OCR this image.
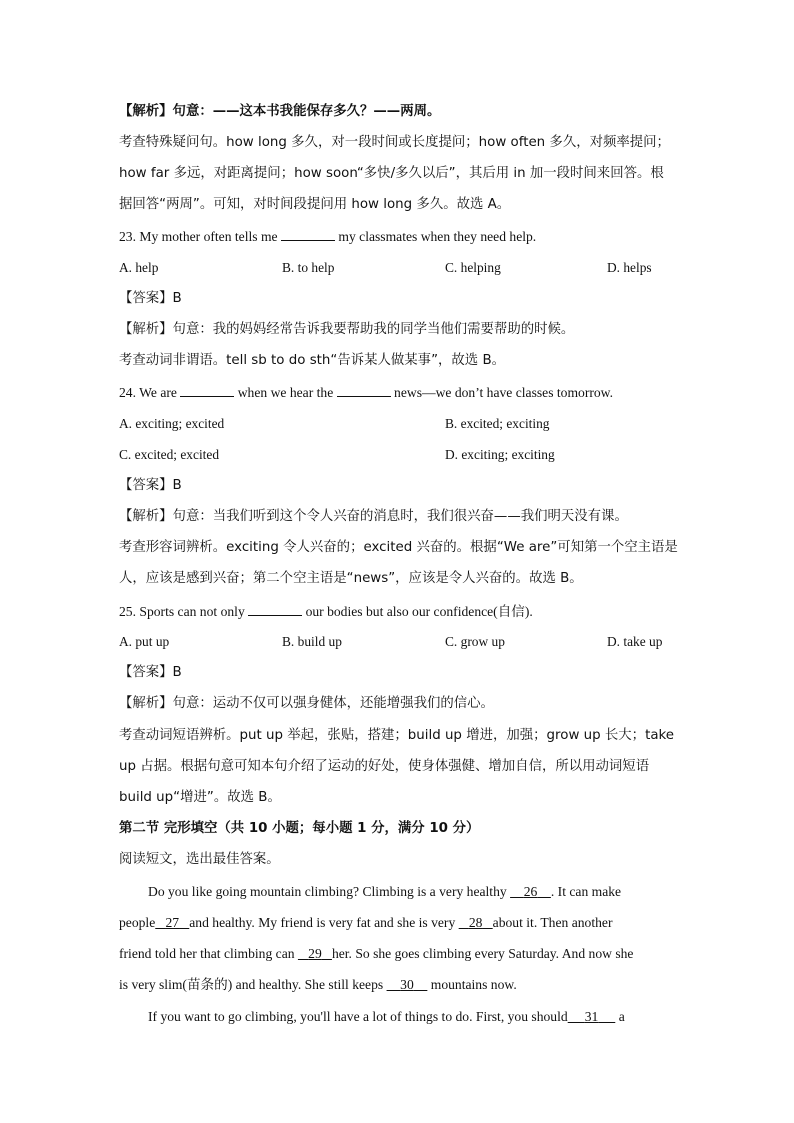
【解析】句意：——这本书我能保存多久？——两周。
考查特殊疑问句。how long 多久，对一段时间或长度提问；how often 多久，对频率提问；
how far 多远，对距离提问；how soon“多快/多久以后”，其后用 in 加一段时间来回答。根
据回答“两周”。可知，对时间段提问用 how long 多久。故选 A。
23. My mother often tells me	my classmates when they need help.
A. help	B. to help	C. helping	D. helps
【答案】B
【解析】句意：我的妈妈经常告诉我要帮助我的同学当他们需要帮助的时候。
考查动词非谓语。tell sb to do sth“告诉某人做某事”，故选 B。
24. We are	when we hear the	news—we don’t have classes tomorrow.
A. exciting; excited	B. excited; exciting
C. excited; excited	D. exciting; exciting
【答案】B
【解析】句意：当我们听到这个令人兴奋的消息时，我们很兴奋——我们明天没有课。
考查形容词辨析。exciting 令人兴奋的；excited 兴奋的。根据“We are”可知第一个空主语是
人，应该是感到兴奋；第二个空主语是“news”，应该是令人兴奋的。故选 B。
25. Sports can not only	our bodies but also our confidence(自信).
A. put up	B. build up	C. grow up	D. take up
【答案】B
【解析】句意：运动不仅可以强身健体，还能增强我们的信心。
考查动词短语辨析。put up 举起，张贴，搭建；build up 增进，加强；grow up 长大；take
up 占据。根据句意可知本句介绍了运动的好处，使身体强健、增加自信，所以用动词短语
build up“增进”。故选 B。
第二节 完形填空（共 10 小题；每小题 1 分，满分 10 分）
阅读短文，选出最佳答案。
Do you like going mountain climbing? Climbing is a very healthy 26 . It can make
people 27 and healthy. My friend is very fat and she is very 28 about it. Then another
friend told her that climbing can 29 her. So she goes climbing every Saturday. And now she
is very slim(苗条的) and healthy. She still keeps 30 mountains now.
If you want to go climbing, you'll have a lot of things to do. First, you should 31 a
